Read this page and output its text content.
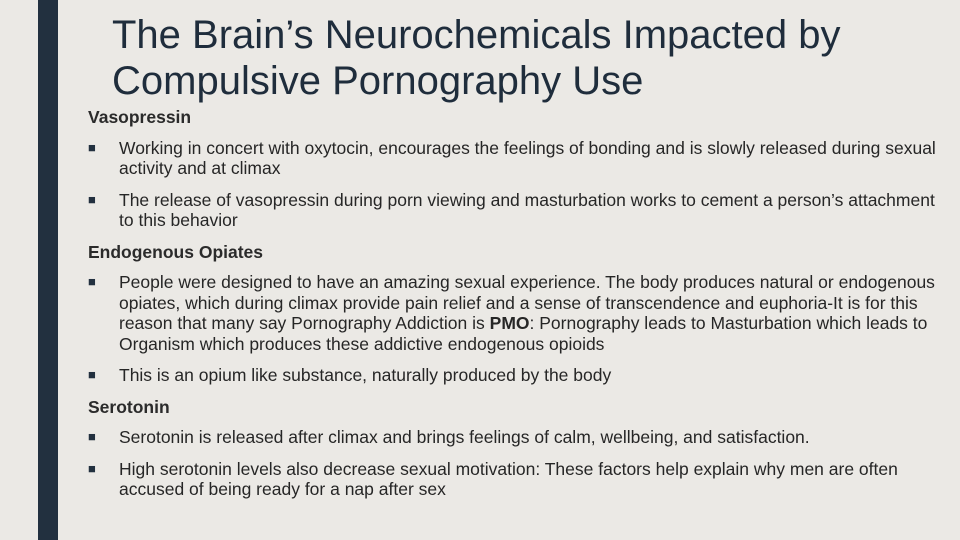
The Brain’s Neurochemicals Impacted by Compulsive Pornography Use
Vasopressin
■ Working in concert with oxytocin, encourages the feelings of bonding and is slowly released during sexual activity and at climax
■ The release of vasopressin during porn viewing and masturbation works to cement a person’s attachment to this behavior
Endogenous Opiates
■ People were designed to have an amazing sexual experience. The body produces natural or endogenous opiates, which during climax provide pain relief and a sense of transcendence and euphoria-It is for this reason that many say Pornography Addiction is PMO: Pornography leads to Masturbation which leads to Organism which produces these addictive endogenous opioids
■ This is an opium like substance, naturally produced by the body
Serotonin
■ Serotonin is released after climax and brings feelings of calm, wellbeing, and satisfaction.
■ High serotonin levels also decrease sexual motivation: These factors help explain why men are often accused of being ready for a nap after sex
